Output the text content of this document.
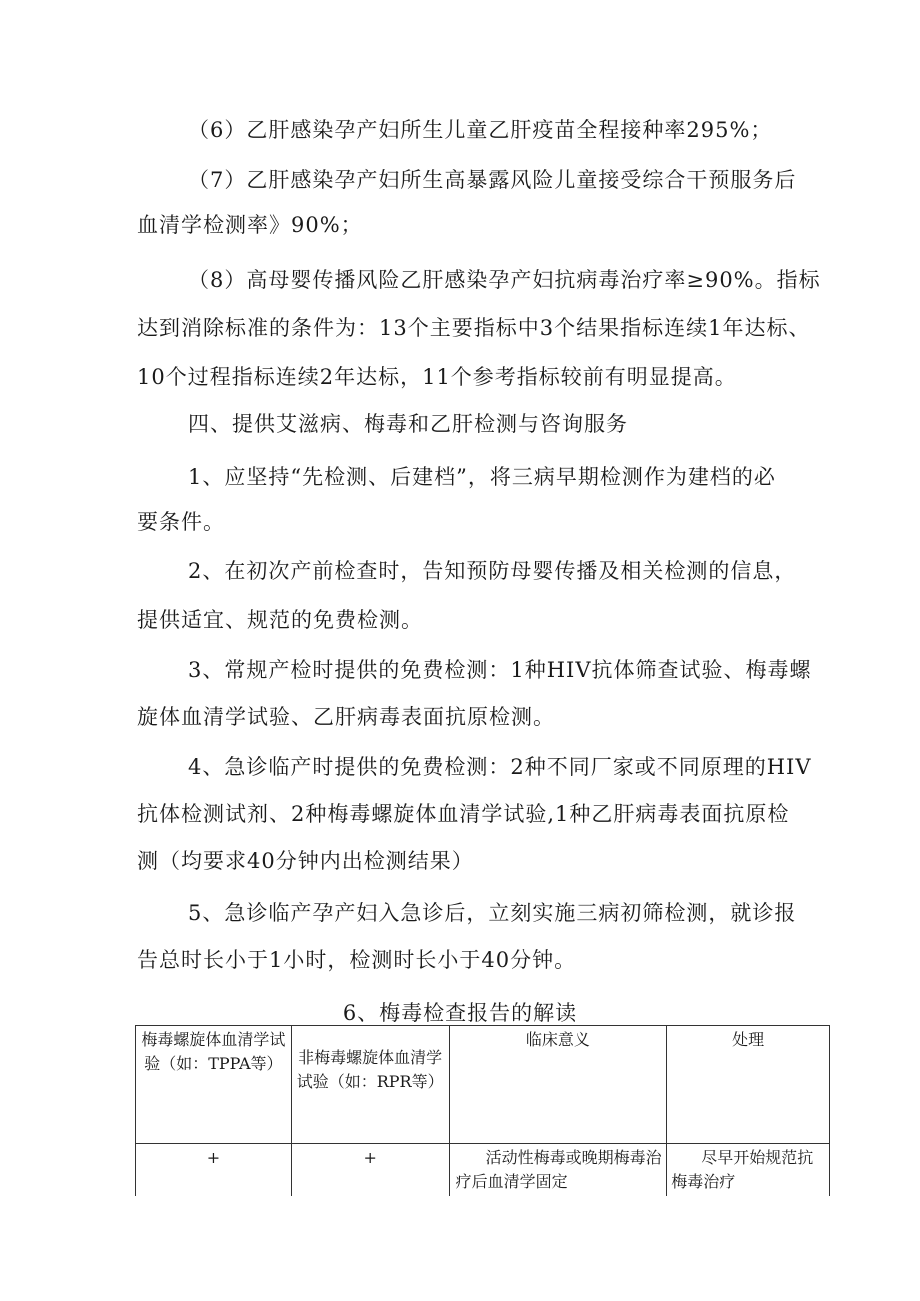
（6）乙肝感染孕产妇所生儿童乙肝疫苗全程接种率295%；

（7）乙肝感染孕产妇所生高暴露风险儿童接受综合干预服务后

血清学检测率》90%；

（8）高母婴传播风险乙肝感染孕产妇抗病毒治疗率≥90%。指标

达到消除标准的条件为：13个主要指标中3个结果指标连续1年达标、

10个过程指标连续2年达标，11个参考指标较前有明显提高。

四、提供艾滋病、梅毒和乙肝检测与咨询服务

1、应坚持“先检测、后建档”，将三病早期检测作为建档的必

要条件。

2、在初次产前检查时，告知预防母婴传播及相关检测的信息，

提供适宜、规范的免费检测。

3、常规产检时提供的免费检测：1种HIV抗体筛查试验、梅毒螺

旋体血清学试验、乙肝病毒表面抗原检测。

4、急诊临产时提供的免费检测：2种不同厂家或不同原理的HIV

抗体检测试剂、2种梅毒螺旋体血清学试验,1种乙肝病毒表面抗原检

测（均要求40分钟内出检测结果）

5、急诊临产孕产妇入急诊后，立刻实施三病初筛检测，就诊报

告总时长小于1小时，检测时长小于40分钟。

6、梅毒检查报告的解读
梅毒螺旋体血清学试验（如：TPPA等）	非梅毒螺旋体血清学试验（如：RPR等）	临床意义	处理
+	+	活动性梅毒或晚期梅毒治疗后血清学固定	尽早开始规范抗梅毒治疗
